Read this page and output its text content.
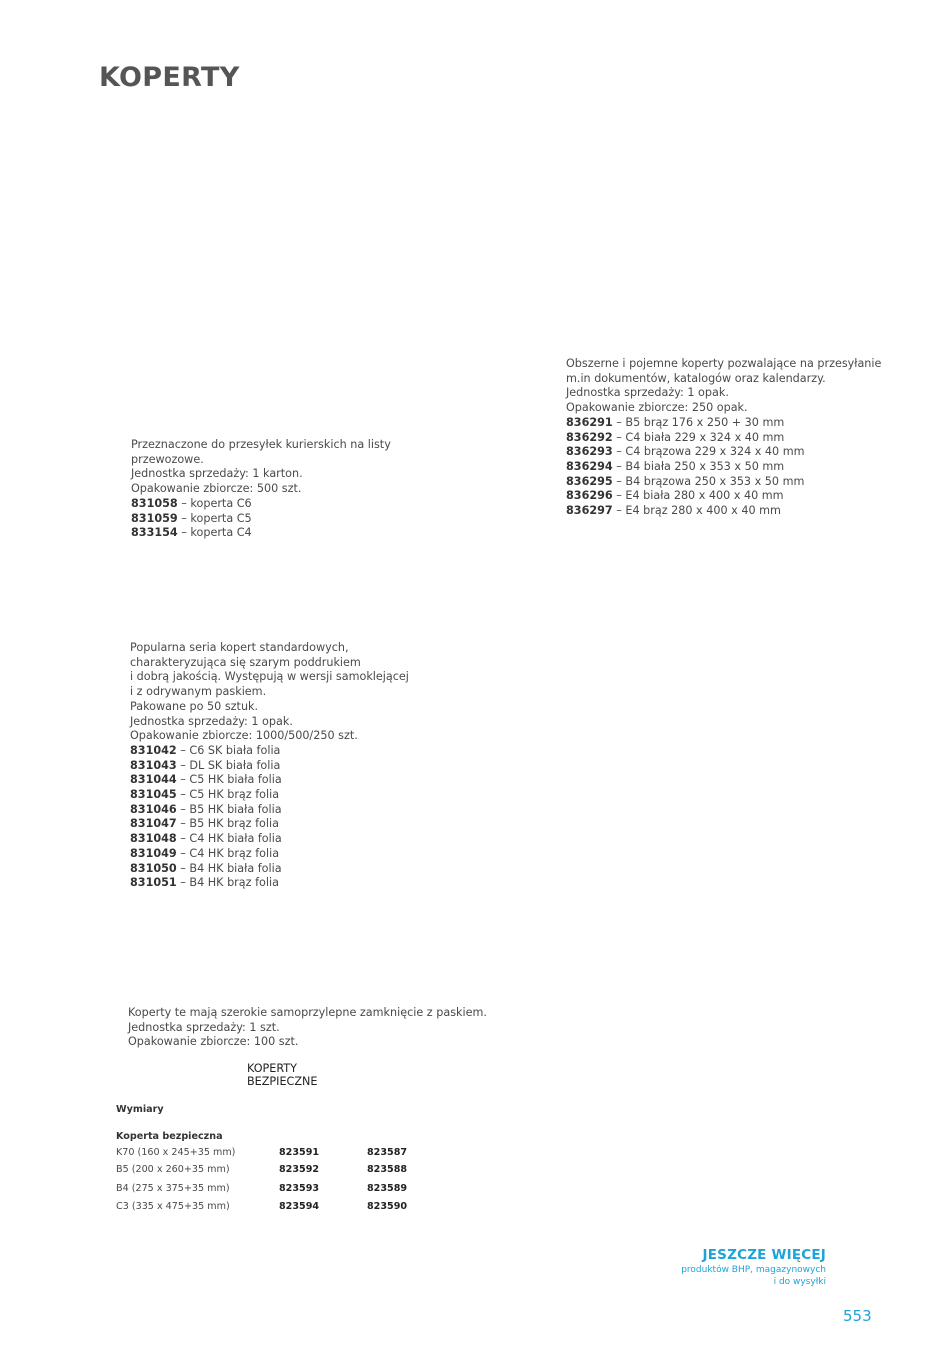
KOPERTY
Przeznaczone do przesyłek kurierskich na listy
przewozowe.
Jednostka sprzedaży: 1 karton.
Opakowanie zbiorcze: 500 szt.
831058 – koperta C6
831059 – koperta C5
833154 – koperta C4
Obszerne i pojemne koperty pozwalające na przesyłanie
m.in dokumentów, katalogów oraz kalendarzy.
Jednostka sprzedaży: 1 opak.
Opakowanie zbiorcze: 250 opak.
836291 – B5 brąz 176 x 250 + 30 mm
836292 – C4 biała 229 x 324 x 40 mm
836293 – C4 brązowa 229 x 324 x 40 mm
836294 – B4 biała 250 x 353 x 50 mm
836295 – B4 brązowa 250 x 353 x 50 mm
836296 – E4 biała 280 x 400 x 40 mm
836297 – E4 brąz 280 x 400 x 40 mm
Popularna seria kopert standardowych,
charakteryzująca się szarym poddrukiem
i dobrą jakością. Występują w wersji samoklejącej
i z odrywanym paskiem.
Pakowane po 50 sztuk.
Jednostka sprzedaży: 1 opak.
Opakowanie zbiorcze: 1000/500/250 szt.
831042 – C6 SK biała folia
831043 – DL SK biała folia
831044 – C5 HK biała folia
831045 – C5 HK brąz folia
831046 – B5 HK biała folia
831047 – B5 HK brąz folia
831048 – C4 HK biała folia
831049 – C4 HK brąz folia
831050 – B4 HK biała folia
831051 – B4 HK brąz folia
Koperty te mają szerokie samoprzylepne zamknięcie z paskiem.
Jednostka sprzedaży: 1 szt.
Opakowanie zbiorcze: 100 szt.
KOPERTY
BEZPIECZNE
Wymiary
Koperta bezpieczna
K70 (160 x 245+35 mm)	823591	823587
B5 (200 x 260+35 mm)	823592	823588
B4 (275 x 375+35 mm)	823593	823589
C3 (335 x 475+35 mm)	823594	823590
JESZCZE WIĘCEJ
produktów BHP, magazynowych
i do wysyłki
553
